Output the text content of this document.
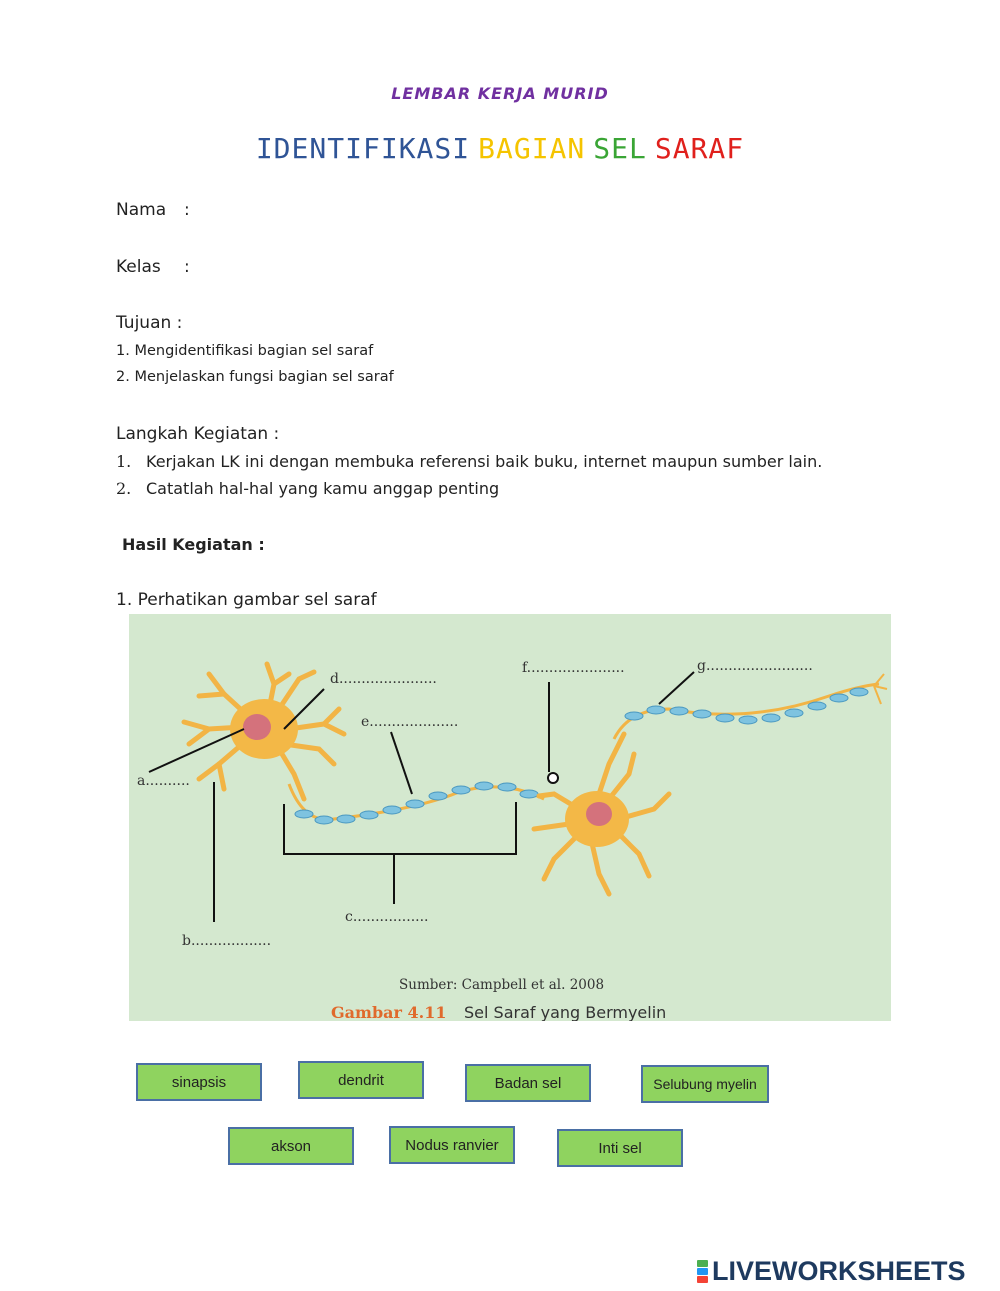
LEMBAR KERJA MURID
IDENTIFIKASI BAGIAN SEL SARAF
Nama :
Kelas :
Tujuan :
1. Mengidentifikasi bagian sel saraf
2. Menjelaskan fungsi bagian sel saraf
Langkah Kegiatan :
1. Kerjakan LK ini dengan membuka referensi baik buku, internet maupun sumber lain.
2. Catatlah hal-hal yang kamu anggap penting
Hasil Kegiatan :
1. Perhatikan gambar sel saraf
a..........
b..................
c.................
d......................
e....................
f......................	g........................
Sumber: Campbell et al. 2008
Gambar 4.11 Sel Saraf yang Bermyelin
sinapsis	dendrit	Badan sel	Selubung myelin
akson	Nodus ranvier	Inti sel
LIVEWORKSHEETS
